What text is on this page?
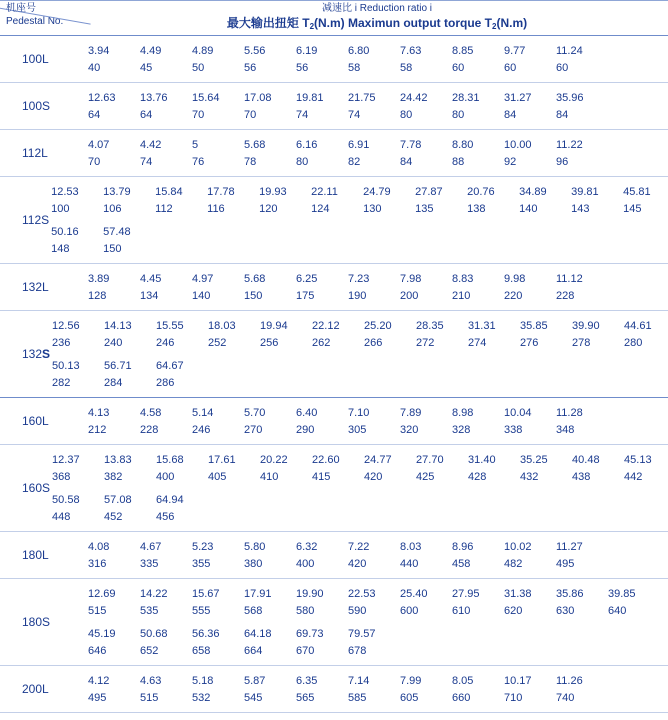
机座号
Pedestal No.
减速比 i Reduction ratio i
最大输出扭矩 $T_2(N.m)$ Maximun output torque $T_2(N.m)$
100L
3.94	4.49	4.89	5.56	6.19	6.80	7.63	8.85	9.77	11.24
40	45	50	56	56	58	58	60	60	60
100S
12.63	13.76	15.64	17.08	19.81	21.75	24.42	28.31	31.27	35.96
64	64	70	70	74	74	80	80	84	84
112L
4.07	4.42	5	5.68	6.16	6.91	7.78	8.80	10.00	11.22
70	74	76	78	80	82	84	88	92	96
112S
12.53	13.79	15.84	17.78	19.93	22.11	24.79	27.87	20.76	34.89	39.81	45.81
100	106	112	116	120	124	130	135	138	140	143	145
50.16	57.48
148	150
132L
3.89	4.45	4.97	5.68	6.25	7.23	7.98	8.83	9.98	11.12
128	134	140	150	175	190	200	210	220	228
132 S
12.56	14.13	15.55	18.03	19.94	22.12	25.20	28.35	31.31	35.85	39.90	44.61
236	240	246	252	256	262	266	272	274	276	278	280
50.13	56.71	64.67
282	284	286
160L
4.13	4.58	5.14	5.70	6.40	7.10	7.89	8.98	10.04	11.28
212	228	246	270	290	305	320	328	338	348
160S
12.37	13.83	15.68	17.61	20.22	22.60	24.77	27.70	31.40	35.25	40.48	45.13
368	382	400	405	410	415	420	425	428	432	438	442
50.58	57.08	64.94
448	452	456
180L
4.08	4.67	5.23	5.80	6.32	7.22	8.03	8.96	10.02	11.27
316	335	355	380	400	420	440	458	482	495
180S
12.69	14.22	15.67	17.91	19.90	22.53	25.40	27.95	31.38	35.86	39.85
515	535	555	568	580	590	600	610	620	630	640
45.19	50.68	56.36	64.18	69.73	79.57
646	652	658	664	670	678
200L
4.12	4.63	5.18	5.87	6.35	7.14	7.99	8.05	10.17	11.26
495	515	532	545	565	585	605	660	710	740
